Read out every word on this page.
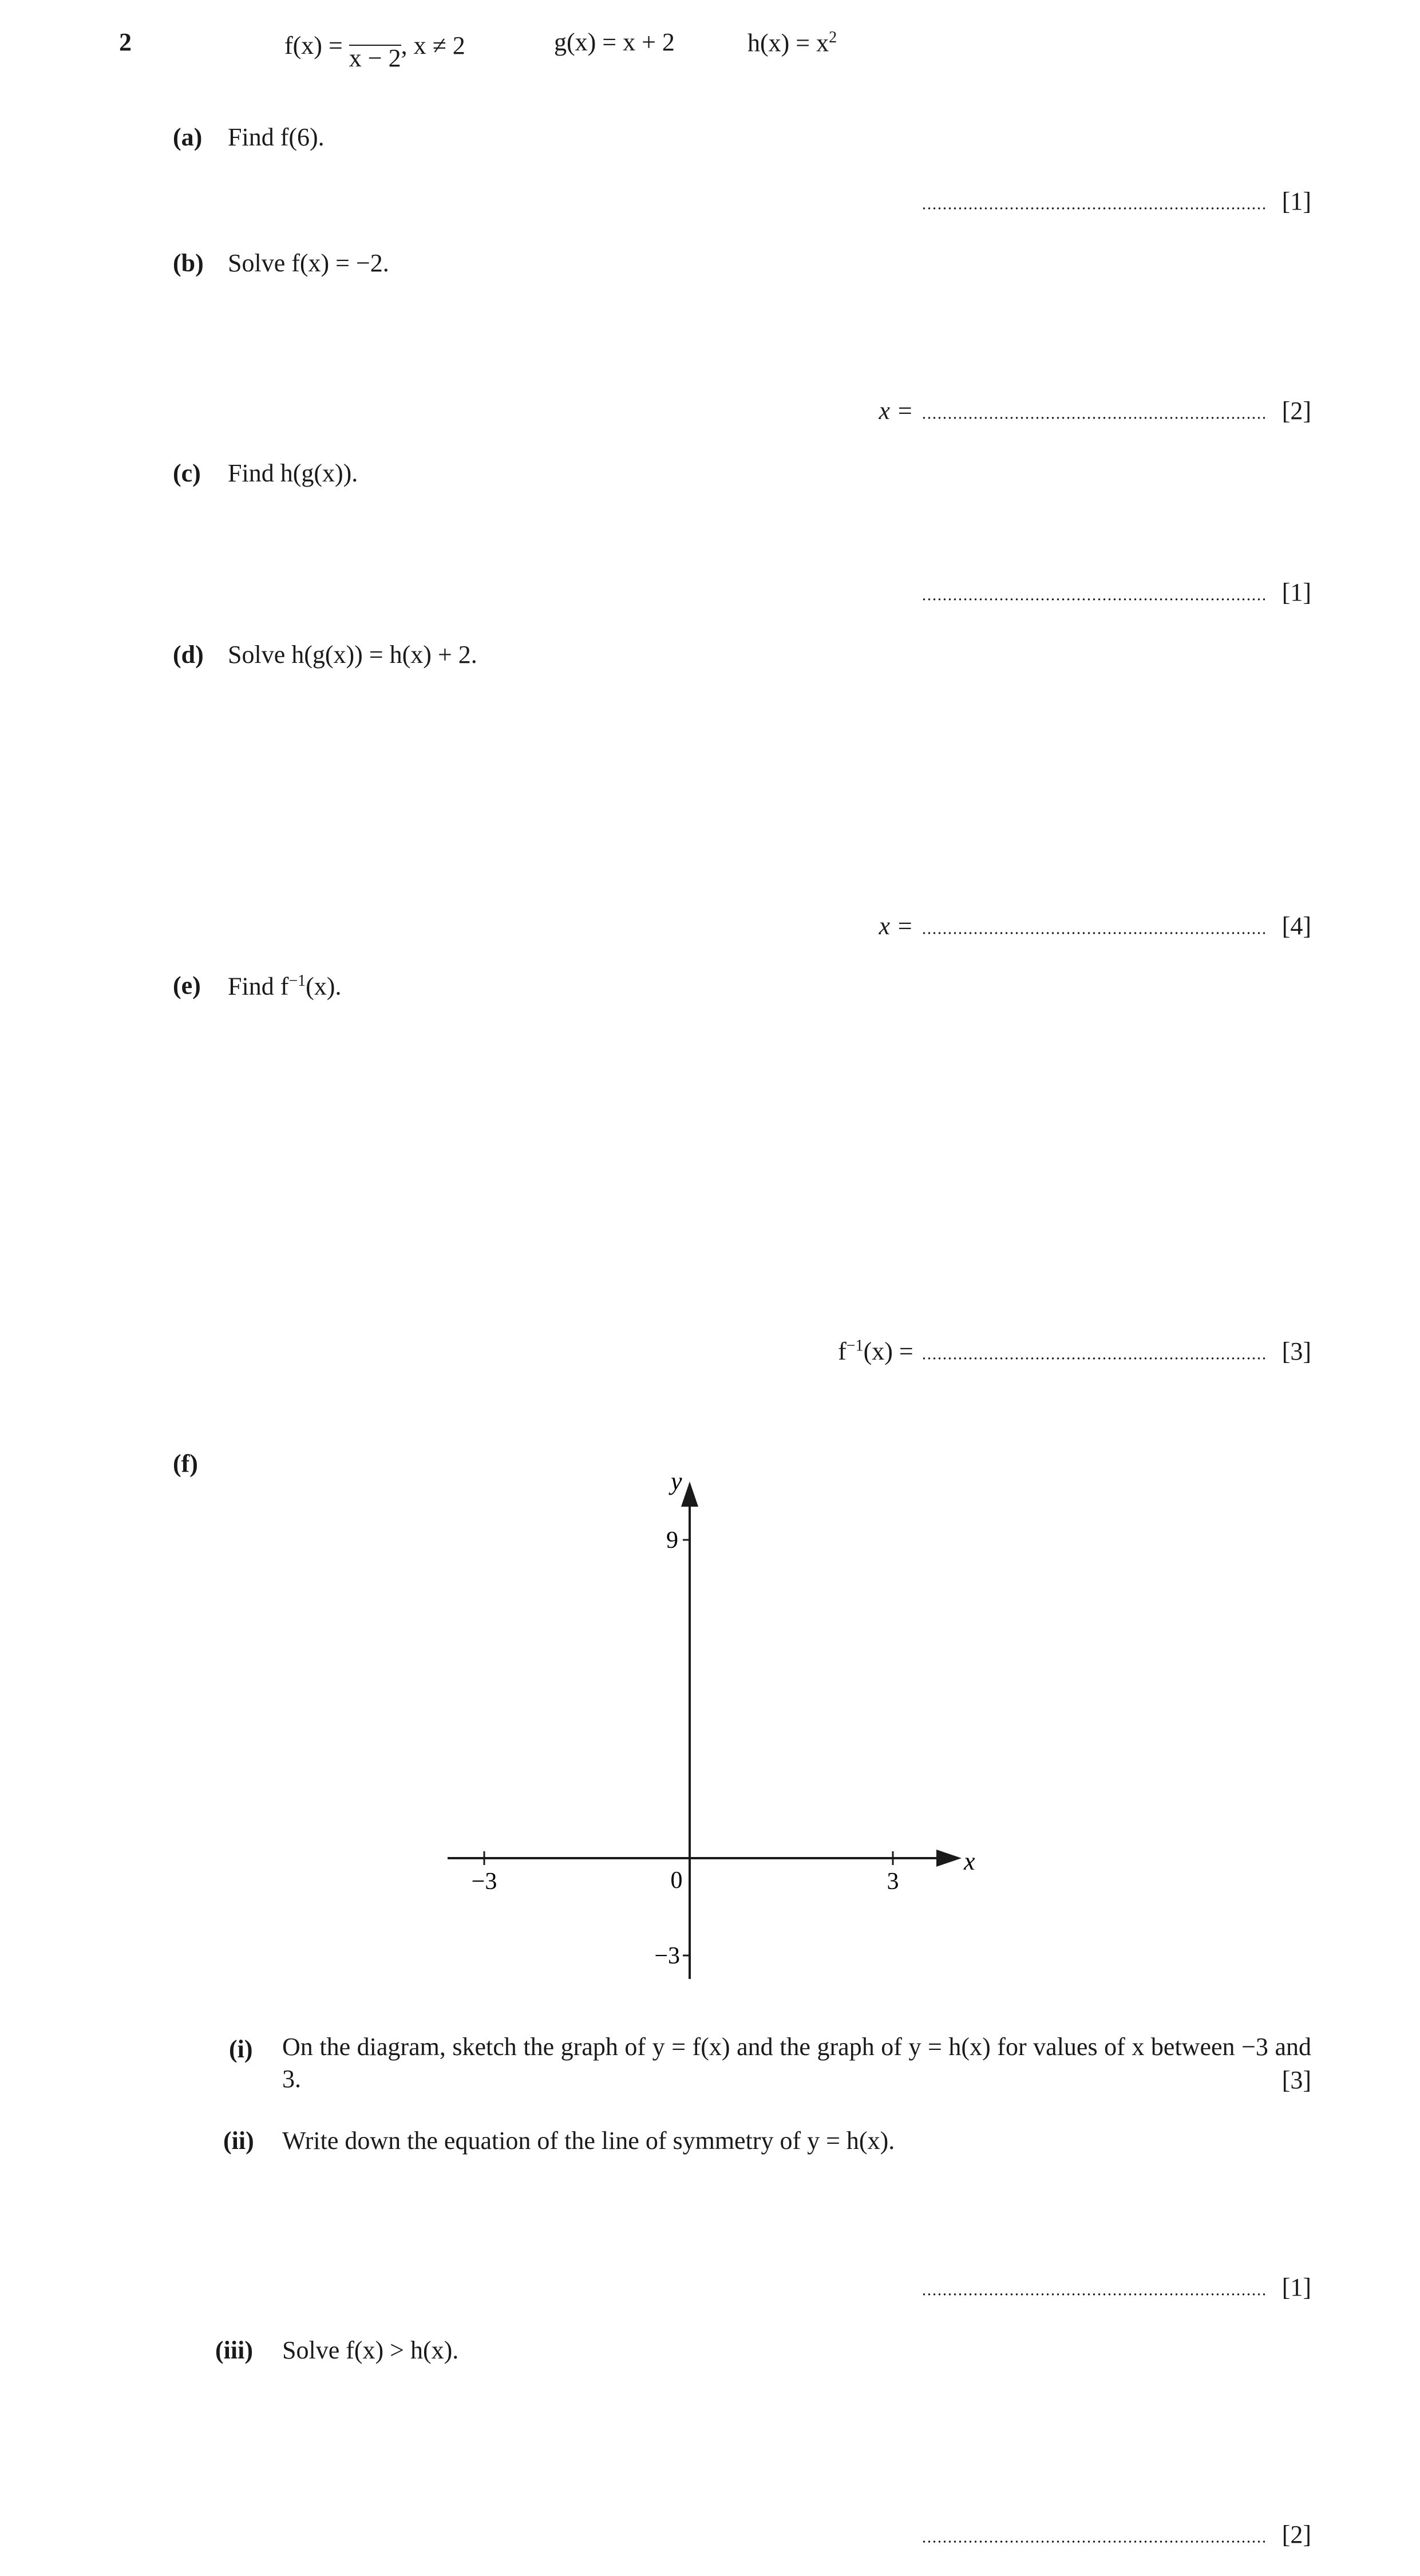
2	f(x) = x − 2 , x ≠ 2	g(x) = x + 2	$h(x) = x^2$
(a) Find f(6).
[1]
(b) Solve f(x) = −2.
x =	[2]
(c) Find h(g(x)).
[1]
(d) Solve h(g(x)) = h(x) + 2.
x =	[4]
(e) Find $f^{-1}(x)$.
$f^{-1}(x)$ =	[3]
(f)
−3	3
0
9
−3
x
y
(i) On the diagram, sketch the graph of y = f(x) and the graph of y = h(x) for values of x between −3 and 3.	[3]
(ii) Write down the equation of the line of symmetry of y = h(x).
[1]
(iii) Solve f(x) > h(x).
[2]
